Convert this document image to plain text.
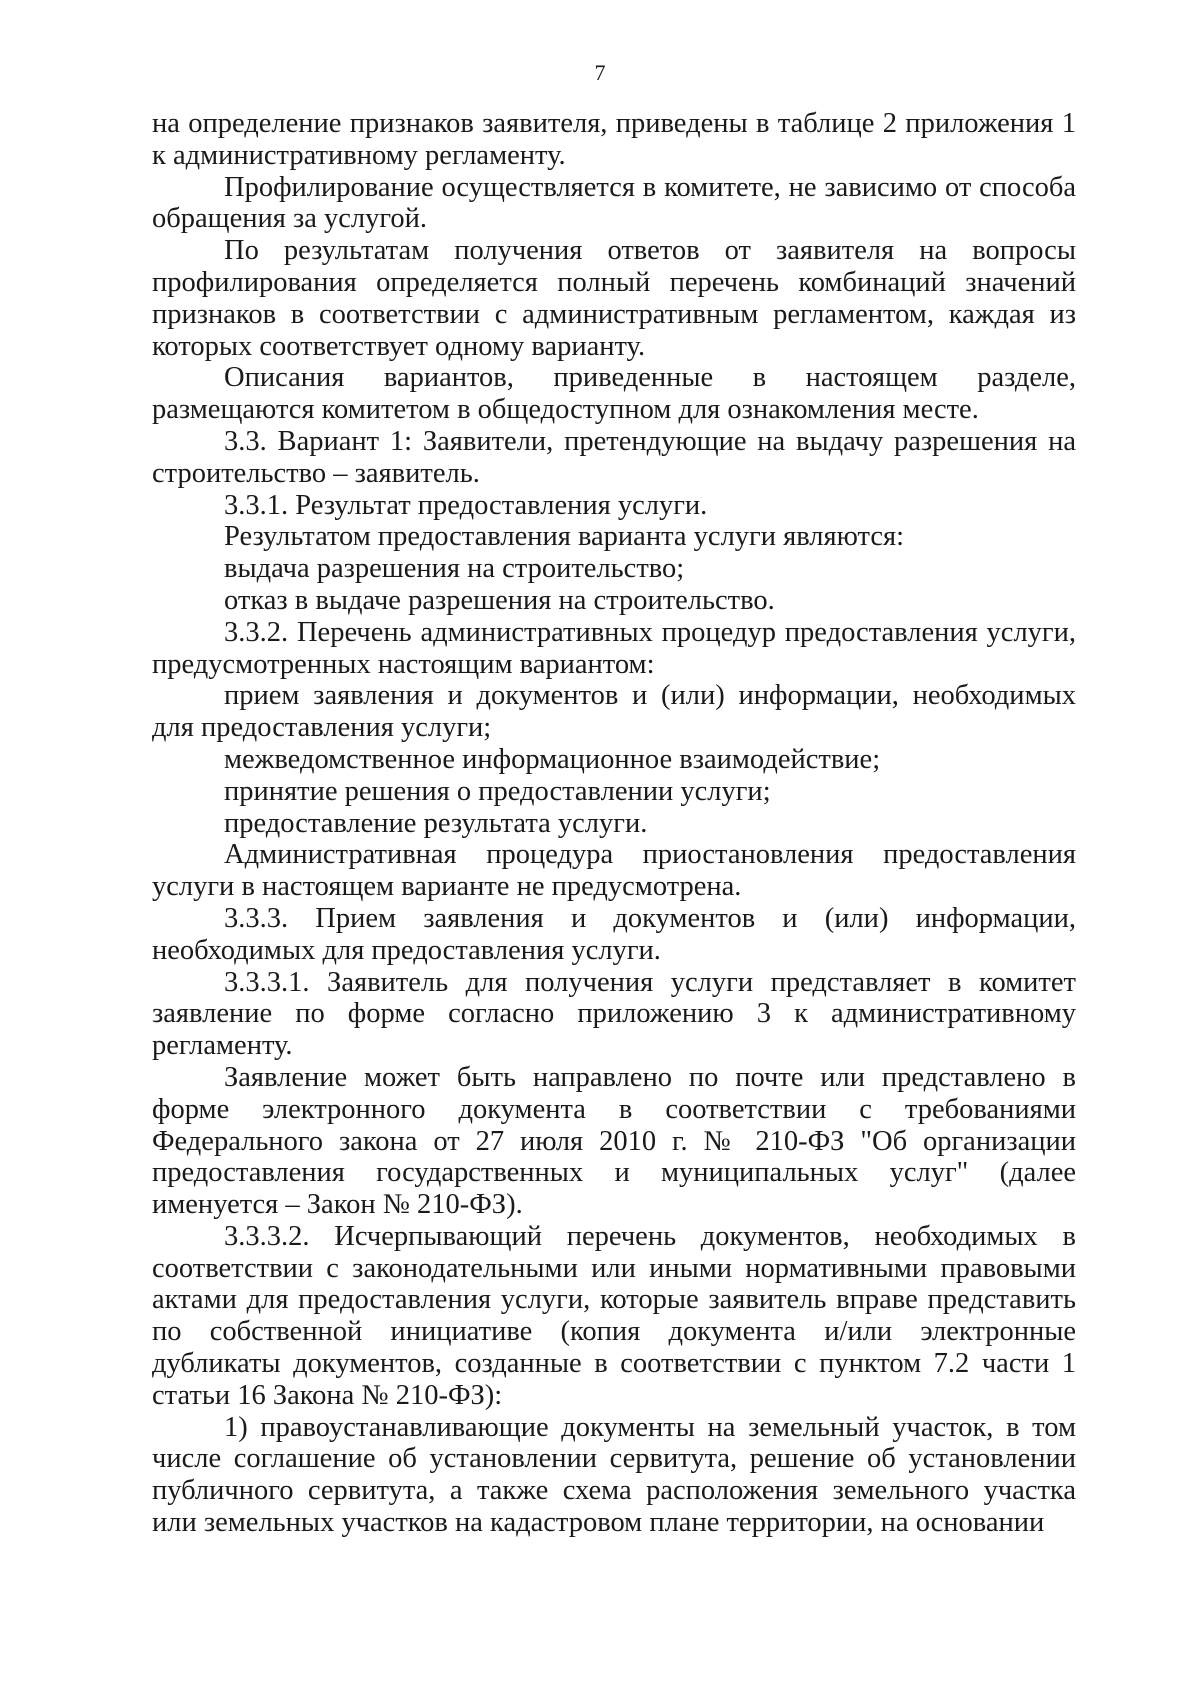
7

на определение признаков заявителя, приведены в таблице 2 приложения 1 к административному регламенту.

Профилирование осуществляется в комитете, не зависимо от способа обращения за услугой.

По результатам получения ответов от заявителя на вопросы профилирования определяется полный перечень комбинаций значений признаков в соответствии с административным регламентом, каждая из которых соответствует одному варианту.

Описания вариантов, приведенные в настоящем разделе, размещаются комитетом в общедоступном для ознакомления месте.

3.3. Вариант 1: Заявители, претендующие на выдачу разрешения на строительство – заявитель.

3.3.1. Результат предоставления услуги.

Результатом предоставления варианта услуги являются:

выдача разрешения на строительство;

отказ в выдаче разрешения на строительство.

3.3.2. Перечень административных процедур предоставления услуги, предусмотренных настоящим вариантом:

прием заявления и документов и (или) информации, необходимых для предоставления услуги;

межведомственное информационное взаимодействие;

принятие решения о предоставлении услуги;

предоставление результата услуги.

Административная процедура приостановления предоставления услуги в настоящем варианте не предусмотрена.

3.3.3. Прием заявления и документов и (или) информации, необходимых для предоставления услуги.

3.3.3.1. Заявитель для получения услуги представляет в комитет заявление по форме согласно приложению 3 к административному регламенту.

Заявление может быть направлено по почте или представлено в форме электронного документа в соответствии с требованиями Федерального закона от 27 июля 2010 г. № 210-ФЗ "Об организации предоставления государственных и муниципальных услуг" (далее именуется – Закон № 210-ФЗ).

3.3.3.2. Исчерпывающий перечень документов, необходимых в соответствии с законодательными или иными нормативными правовыми актами для предоставления услуги, которые заявитель вправе представить по собственной инициативе (копия документа и/или электронные дубликаты документов, созданные в соответствии с пунктом 7.2 части 1 статьи 16 Закона № 210-ФЗ):

1) правоустанавливающие документы на земельный участок, в том числе соглашение об установлении сервитута, решение об установлении публичного сервитута, а также схема расположения земельного участка или земельных участков на кадастровом плане территории, на основании
